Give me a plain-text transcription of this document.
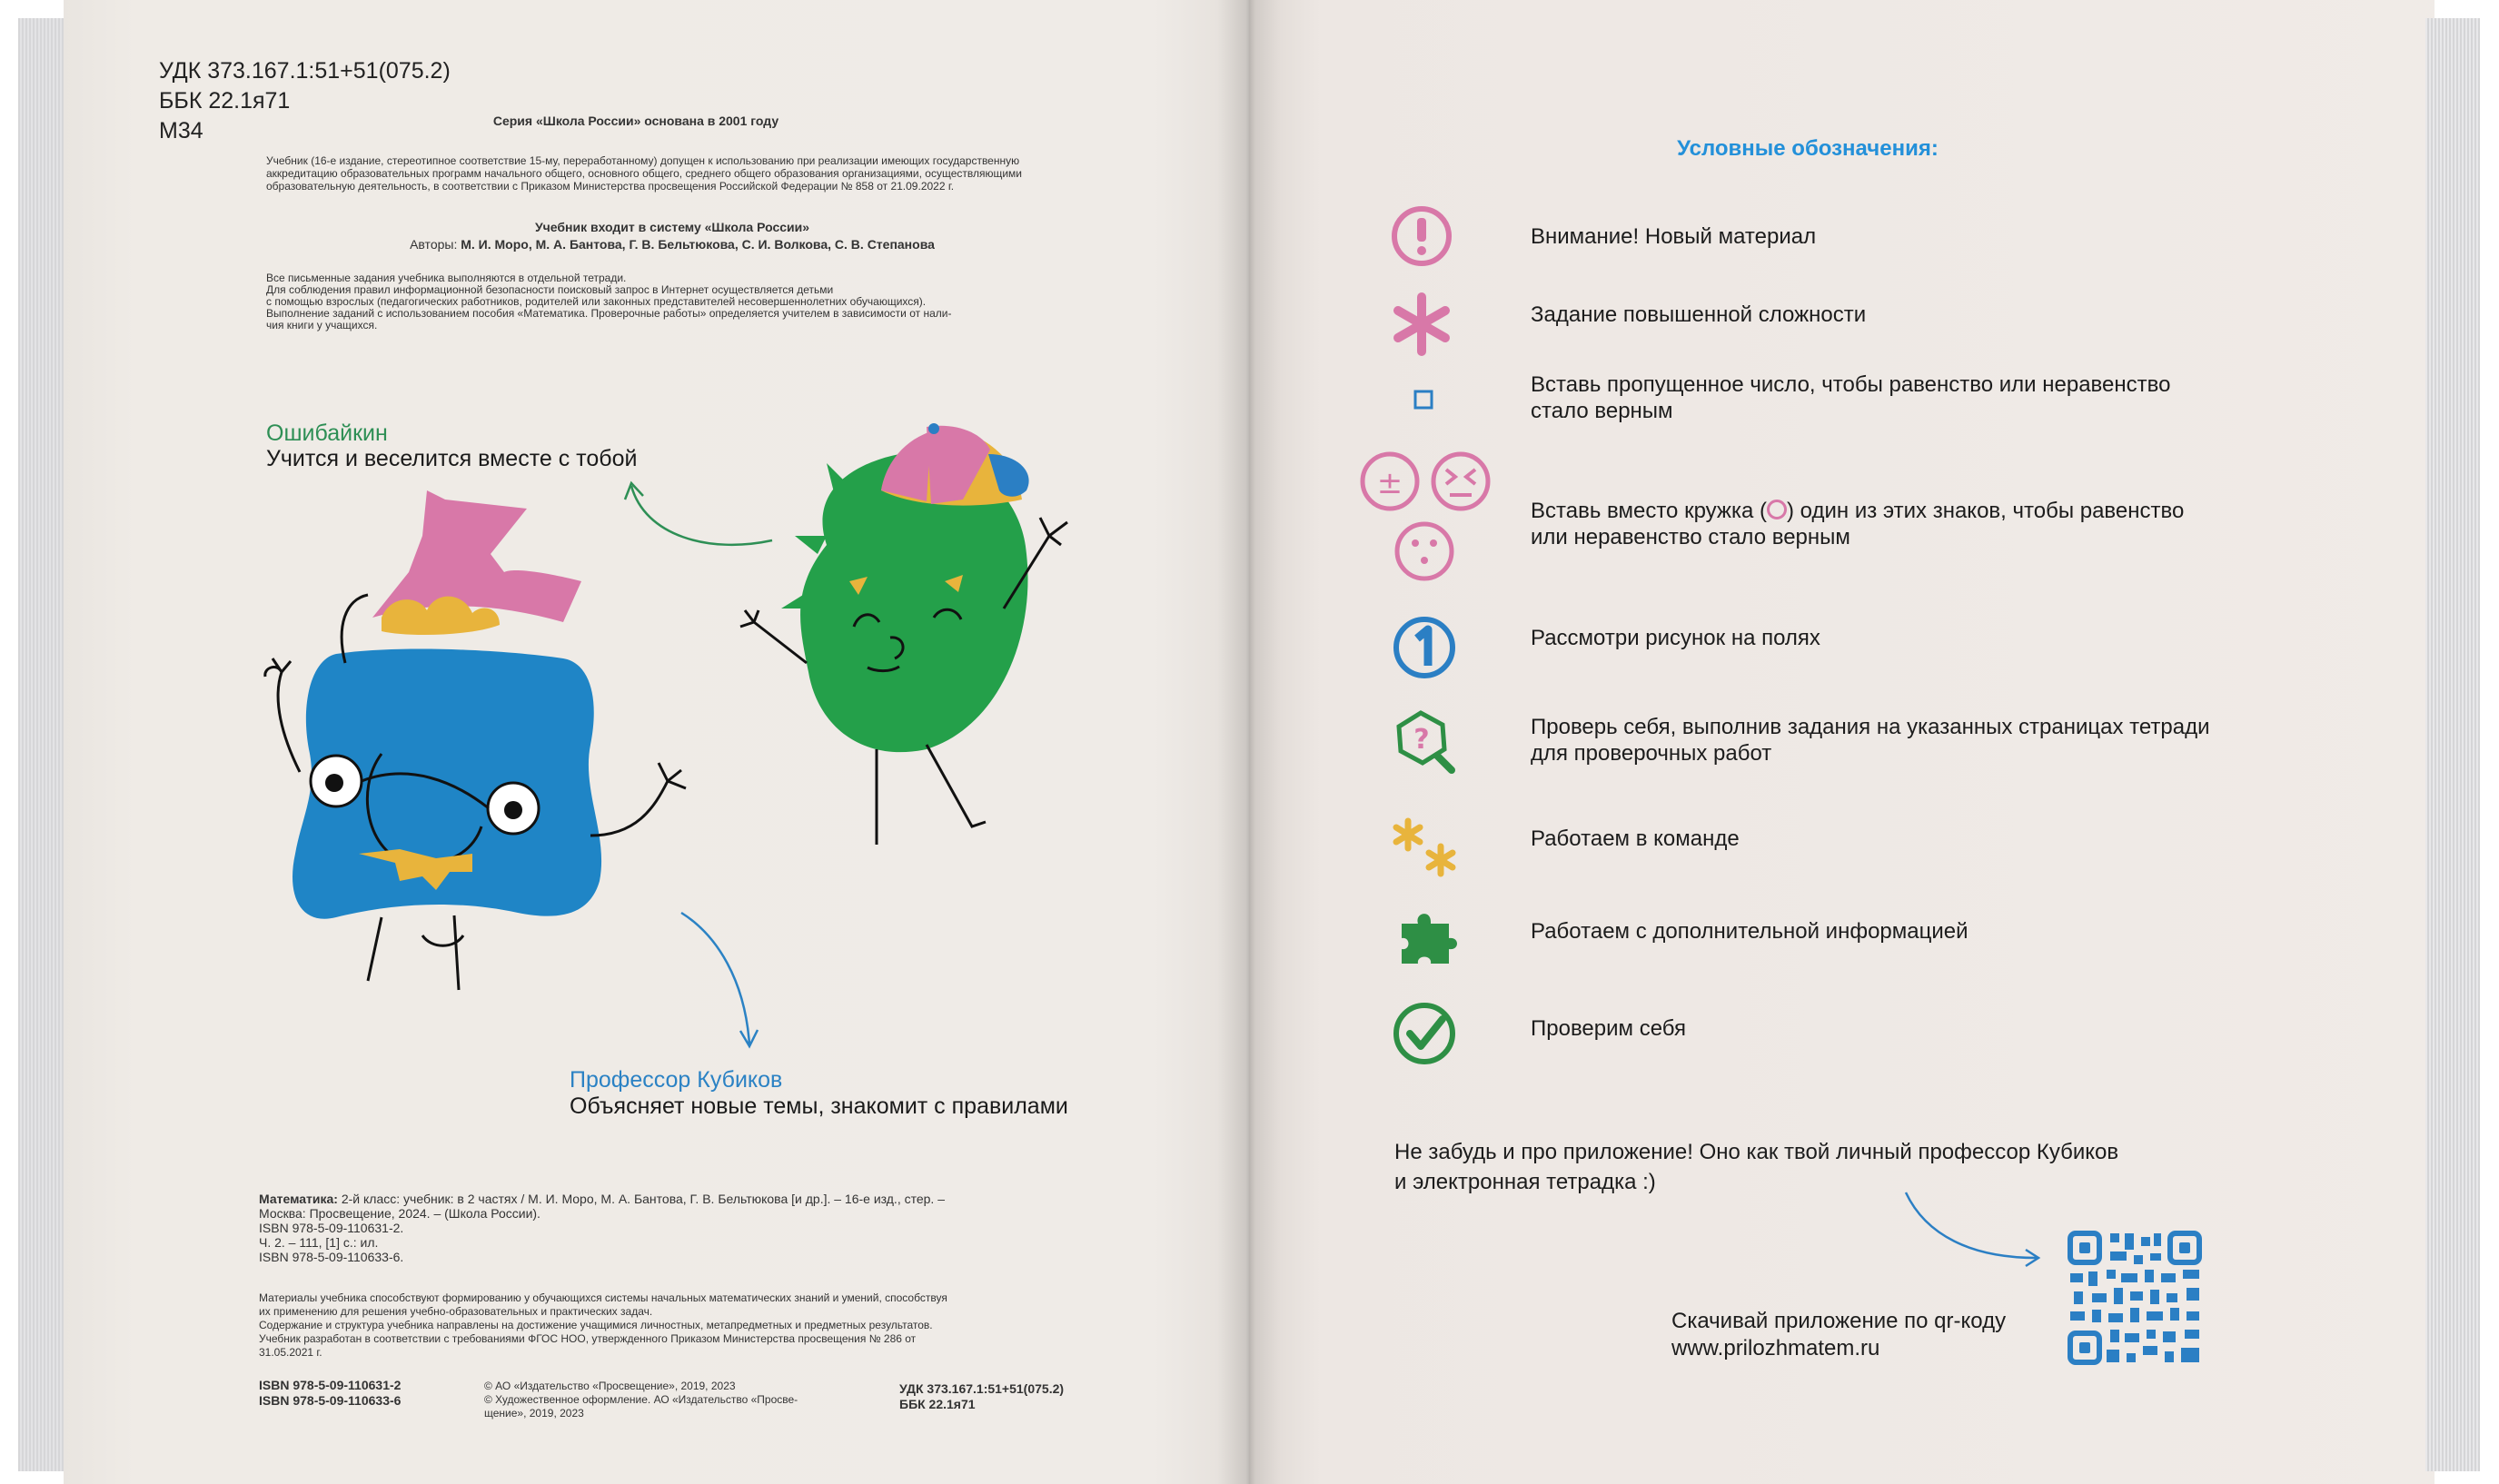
УДК 373.167.1:51+51(075.2)
ББК 22.1я71
М34	Серия «Школа России» основана в 2001 году
Учебник (16-е издание, стереотипное соответствие 15-му, переработанному) допущен к использованию при реализации имеющих государственную аккредитацию образовательных программ начального общего, основного общего, среднего общего образования организациями, осуществляющими образовательную деятельность, в соответствии с Приказом Министерства просвещения Российской Федерации № 858 от 21.09.2022 г.
Учебник входит в систему «Школа России»
Авторы: М. И. Моро, М. А. Бантова, Г. В. Бельтюкова, С. И. Волкова, С. В. Степанова
Все письменные задания учебника выполняются в отдельной тетради.
Для соблюдения правил информационной безопасности поисковый запрос в Интернет осуществляется детьми
с помощью взрослых (педагогических работников, родителей или законных представителей несовершеннолетних обучающихся).
Выполнение заданий с использованием пособия «Математика. Проверочные работы» определяется учителем в зависимости от нали-
чия книги у учащихся.
Ошибайкин
Учится и веселится вместе с тобой
Профессор Кубиков
Объясняет новые темы, знакомит с правилами
Математика: 2-й класс: учебник: в 2 частях / М. И. Моро, М. А. Бантова, Г. В. Бельтюкова [и др.]. – 16-е изд., стер. –
Москва: Просвещение, 2024. – (Школа России).
ISBN 978-5-09-110631-2.
Ч. 2. – 111, [1] с.: ил.
ISBN 978-5-09-110633-6.
Материалы учебника способствуют формированию у обучающихся системы начальных математических знаний и умений, способствуя
их применению для решения учебно-образовательных и практических задач.
Содержание и структура учебника направлены на достижение учащимися личностных, метапредметных и предметных результатов.
Учебник разработан в соответствии с требованиями ФГОС НОО, утвержденного Приказом Министерства просвещения № 286 от
31.05.2021 г.
ISBN 978-5-09-110631-2
ISBN 978-5-09-110633-6
© АО «Издательство «Просвещение», 2019, 2023
© Художественное оформление. АО «Издательство «Просве-
щение», 2019, 2023
УДК 373.167.1:51+51(075.2)
ББК 22.1я71
Условные обозначения:
Внимание! Новый материал
Задание повышенной сложности
Вставь пропущенное число, чтобы равенство или неравенство
стало верным
±
Вставь вместо кружка ( ) один из этих знаков, чтобы равенство
или неравенство стало верным
Рассмотри рисунок на полях
?	Проверь себя, выполнив задания на указанных страницах тетради
для проверочных работ
Работаем в команде
Работаем с дополнительной информацией
Проверим себя
Не забудь и про приложение! Оно как твой личный профессор Кубиков
и электронная тетрадка :)
Скачивай приложение по qr-коду
www.prilozhmatem.ru
